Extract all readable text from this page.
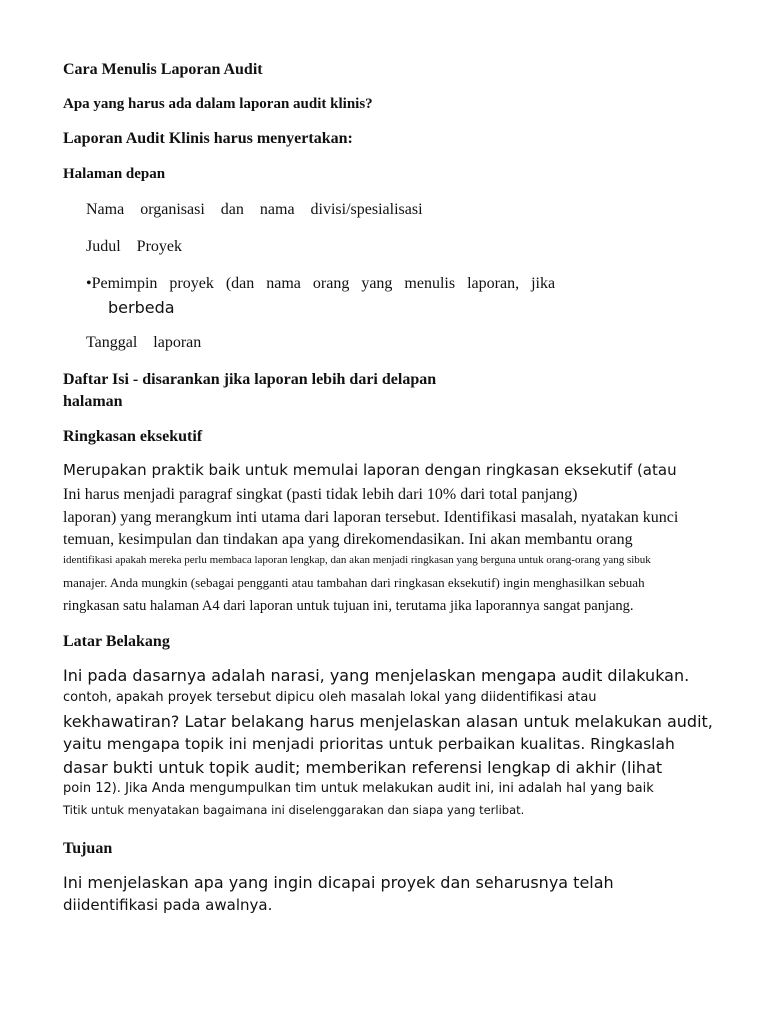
Cara Menulis Laporan Audit
Apa yang harus ada dalam laporan audit klinis?
Laporan Audit Klinis harus menyertakan:
Halaman depan
Nama    organisasi    dan    nama    divisi/spesialisasi
Judul    Proyek
•Pemimpin   proyek   (dan   nama   orang   yang   menulis   laporan,   jika
berbeda
Tanggal    laporan
Daftar Isi - disarankan jika laporan lebih dari delapan
halaman
Ringkasan eksekutif
Merupakan praktik baik untuk memulai laporan dengan ringkasan eksekutif (atau
Ini harus menjadi paragraf singkat (pasti tidak lebih dari 10% dari total panjang)
laporan) yang merangkum inti utama dari laporan tersebut. Identifikasi masalah, nyatakan kunci
temuan, kesimpulan dan tindakan apa yang direkomendasikan. Ini akan membantu orang
identifikasi apakah mereka perlu membaca laporan lengkap, dan akan menjadi ringkasan yang berguna untuk orang-orang yang sibuk
manajer. Anda mungkin (sebagai pengganti atau tambahan dari ringkasan eksekutif) ingin menghasilkan sebuah
ringkasan satu halaman A4 dari laporan untuk tujuan ini, terutama jika laporannya sangat panjang.
Latar Belakang
Ini pada dasarnya adalah narasi, yang menjelaskan mengapa audit dilakukan.
contoh, apakah proyek tersebut dipicu oleh masalah lokal yang diidentifikasi atau
kekhawatiran? Latar belakang harus menjelaskan alasan untuk melakukan audit,
yaitu mengapa topik ini menjadi prioritas untuk perbaikan kualitas. Ringkaslah
dasar bukti untuk topik audit; memberikan referensi lengkap di akhir (lihat
poin 12). Jika Anda mengumpulkan tim untuk melakukan audit ini, ini adalah hal yang baik
Titik untuk menyatakan bagaimana ini diselenggarakan dan siapa yang terlibat.
Tujuan
Ini menjelaskan apa yang ingin dicapai proyek dan seharusnya telah
diidentifikasi pada awalnya.
